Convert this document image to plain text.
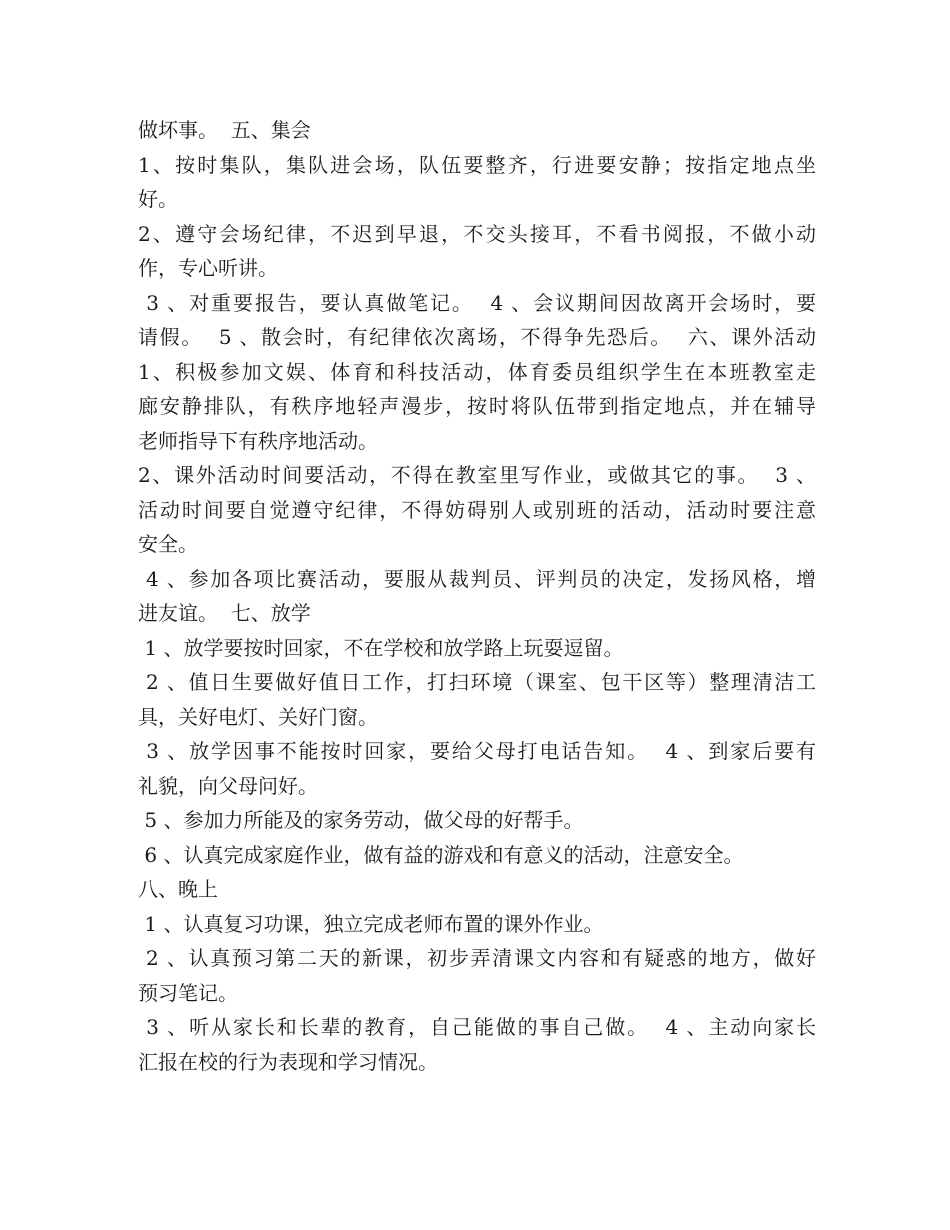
做坏事。  五、集会
1、按时集队，集队进会场，队伍要整齐，行进要安静；按指定地点坐
好。
2、遵守会场纪律，不迟到早退，不交头接耳，不看书阅报，不做小动
作，专心听讲。
3 、对重要报告，要认真做笔记。  4 、会议期间因故离开会场时，要
请假。  5 、散会时，有纪律依次离场，不得争先恐后。  六、课外活动
1、积极参加文娱、体育和科技活动，体育委员组织学生在本班教室走
廊安静排队，有秩序地轻声漫步，按时将队伍带到指定地点，并在辅导
老师指导下有秩序地活动。
2、课外活动时间要活动，不得在教室里写作业，或做其它的事。  3 、
活动时间要自觉遵守纪律，不得妨碍别人或别班的活动，活动时要注意
安全。
4 、参加各项比赛活动，要服从裁判员、评判员的决定，发扬风格，增
进友谊。  七、放学
1 、放学要按时回家，不在学校和放学路上玩耍逗留。
2 、值日生要做好值日工作，打扫环境（课室、包干区等）整理清洁工
具，关好电灯、关好门窗。
3 、放学因事不能按时回家，要给父母打电话告知。  4 、到家后要有
礼貌，向父母问好。
5 、参加力所能及的家务劳动，做父母的好帮手。
6 、认真完成家庭作业，做有益的游戏和有意义的活动，注意安全。
八、晚上
1 、认真复习功课，独立完成老师布置的课外作业。
2 、认真预习第二天的新课，初步弄清课文内容和有疑惑的地方，做好
预习笔记。
3 、听从家长和长辈的教育，自己能做的事自己做。  4 、主动向家长
汇报在校的行为表现和学习情况。
